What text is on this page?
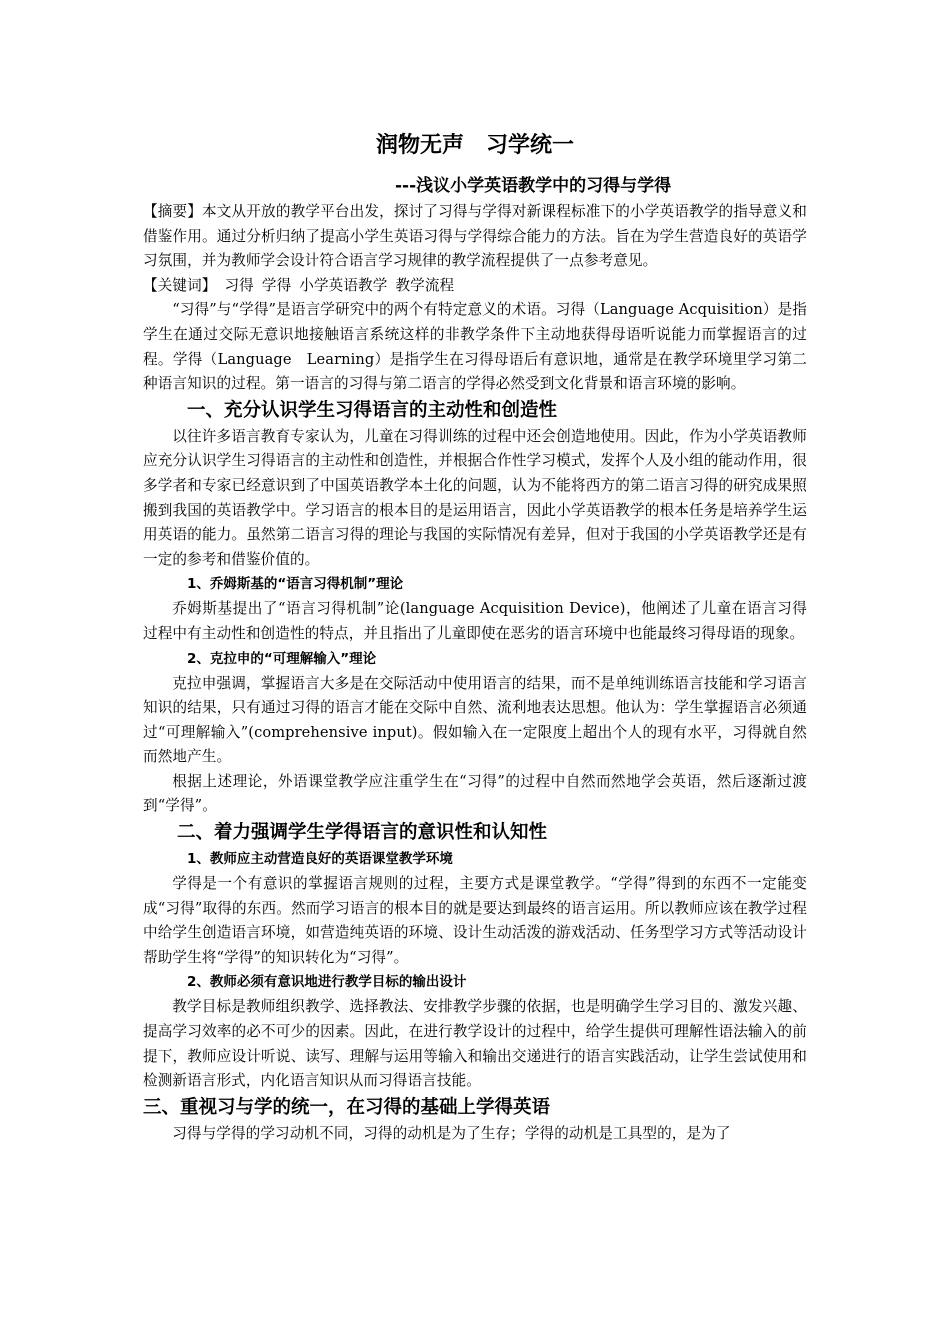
润物无声　习学统一
---浅议小学英语教学中的习得与学得

【摘要】本文从开放的教学平台出发，探讨了习得与学得对新课程标准下的小学英语教学的指导意义和借鉴作用。通过分析归纳了提高小学生英语习得与学得综合能力的方法。旨在为学生营造良好的英语学习氛围，并为教师学会设计符合语言学习规律的教学流程提供了一点参考意见。

【关键词】 习得 学得 小学英语教学 教学流程

“习得”与“学得”是语言学研究中的两个有特定意义的术语。习得（Language Acquisition）是指学生在通过交际无意识地接触语言系统这样的非教学条件下主动地获得母语听说能力而掌握语言的过程。学得（Language　Learning）是指学生在习得母语后有意识地，通常是在教学环境里学习第二种语言知识的过程。第一语言的习得与第二语言的学得必然受到文化背景和语言环境的影响。

一、充分认识学生习得语言的主动性和创造性

以往许多语言教育专家认为，儿童在习得训练的过程中还会创造地使用。因此，作为小学英语教师应充分认识学生习得语言的主动性和创造性，并根据合作性学习模式，发挥个人及小组的能动作用，很多学者和专家已经意识到了中国英语教学本土化的问题，认为不能将西方的第二语言习得的研究成果照搬到我国的英语教学中。学习语言的根本目的是运用语言，因此小学英语教学的根本任务是培养学生运用英语的能力。虽然第二语言习得的理论与我国的实际情况有差异，但对于我国的小学英语教学还是有一定的参考和借鉴价值的。

1、乔姆斯基的“语言习得机制”理论

乔姆斯基提出了“语言习得机制”论(language Acquisition Device)，他阐述了儿童在语言习得过程中有主动性和创造性的特点，并且指出了儿童即使在恶劣的语言环境中也能最终习得母语的现象。

2、克拉申的“可理解输入”理论

克拉申强调，掌握语言大多是在交际活动中使用语言的结果，而不是单纯训练语言技能和学习语言知识的结果，只有通过习得的语言才能在交际中自然、流利地表达思想。他认为：学生掌握语言必须通过“可理解输入”(comprehensive input)。假如输入在一定限度上超出个人的现有水平，习得就自然而然地产生。

根据上述理论，外语课堂教学应注重学生在“习得”的过程中自然而然地学会英语，然后逐渐过渡到“学得”。

二、着力强调学生学得语言的意识性和认知性
1、教师应主动营造良好的英语课堂教学环境

学得是一个有意识的掌握语言规则的过程，主要方式是课堂教学。“学得”得到的东西不一定能变成“习得”取得的东西。然而学习语言的根本目的就是要达到最终的语言运用。所以教师应该在教学过程中给学生创造语言环境，如营造纯英语的环境、设计生动活泼的游戏活动、任务型学习方式等活动设计帮助学生将“学得”的知识转化为“习得”。

2、教师必须有意识地进行教学目标的输出设计

教学目标是教师组织教学、选择教法、安排教学步骤的依据，也是明确学生学习目的、激发兴趣、提高学习效率的必不可少的因素。因此，在进行教学设计的过程中，给学生提供可理解性语法输入的前提下，教师应设计听说、读写、理解与运用等输入和输出交递进行的语言实践活动，让学生尝试使用和检测新语言形式，内化语言知识从而习得语言技能。

三、重视习与学的统一，在习得的基础上学得英语

习得与学得的学习动机不同，习得的动机是为了生存；学得的动机是工具型的，是为了
